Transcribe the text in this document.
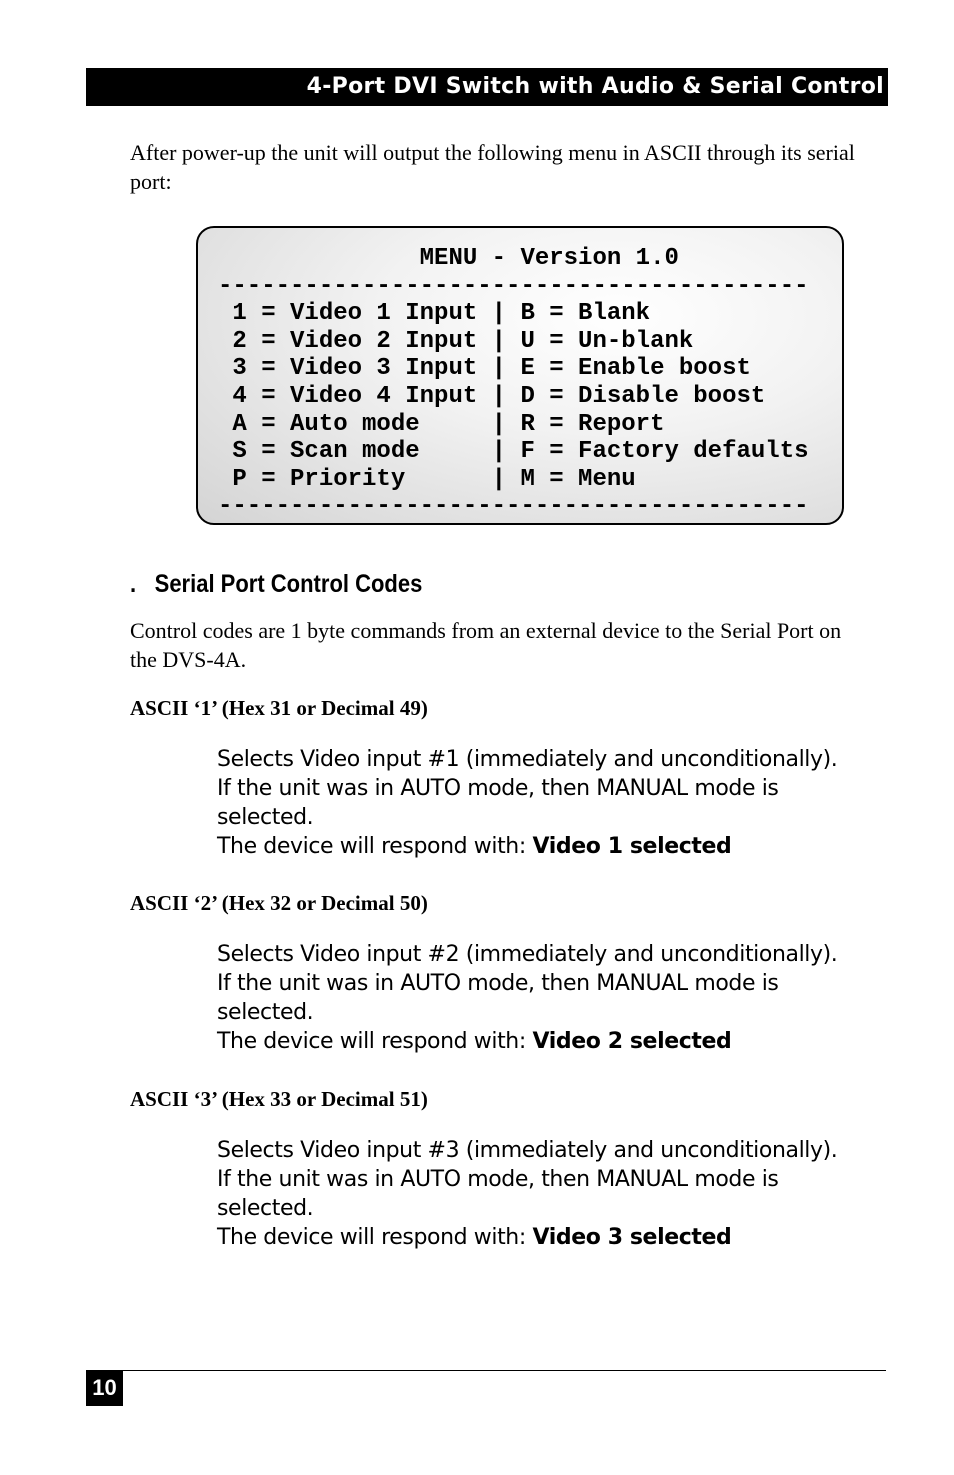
4-Port DVI Switch with Audio & Serial Control
After power-up the unit will output the following menu in ASCII through its serial port:
MENU - Version 1.0
-----------------------------------------
1 = Video 1 Input | B = Blank
2 = Video 2 Input | U = Un-blank
3 = Video 3 Input | E = Enable boost
4 = Video 4 Input | D = Disable boost
A = Auto mode     | R = Report
S = Scan mode     | F = Factory defaults
P = Priority      | M = Menu
-----------------------------------------
. Serial Port Control Codes
Control codes are 1 byte commands from an external device to the Serial Port on the DVS-4A.
ASCII ‘1’ (Hex 31 or Decimal 49)
Selects Video input #1 (immediately and unconditionally).
If the unit was in AUTO mode, then MANUAL mode is
selected.
The device will respond with: Video 1 selected
ASCII ‘2’ (Hex 32 or Decimal 50)
Selects Video input #2 (immediately and unconditionally).
If the unit was in AUTO mode, then MANUAL mode is
selected.
The device will respond with: Video 2 selected
ASCII ‘3’ (Hex 33 or Decimal 51)
Selects Video input #3 (immediately and unconditionally).
If the unit was in AUTO mode, then MANUAL mode is
selected.
The device will respond with: Video 3 selected
10
